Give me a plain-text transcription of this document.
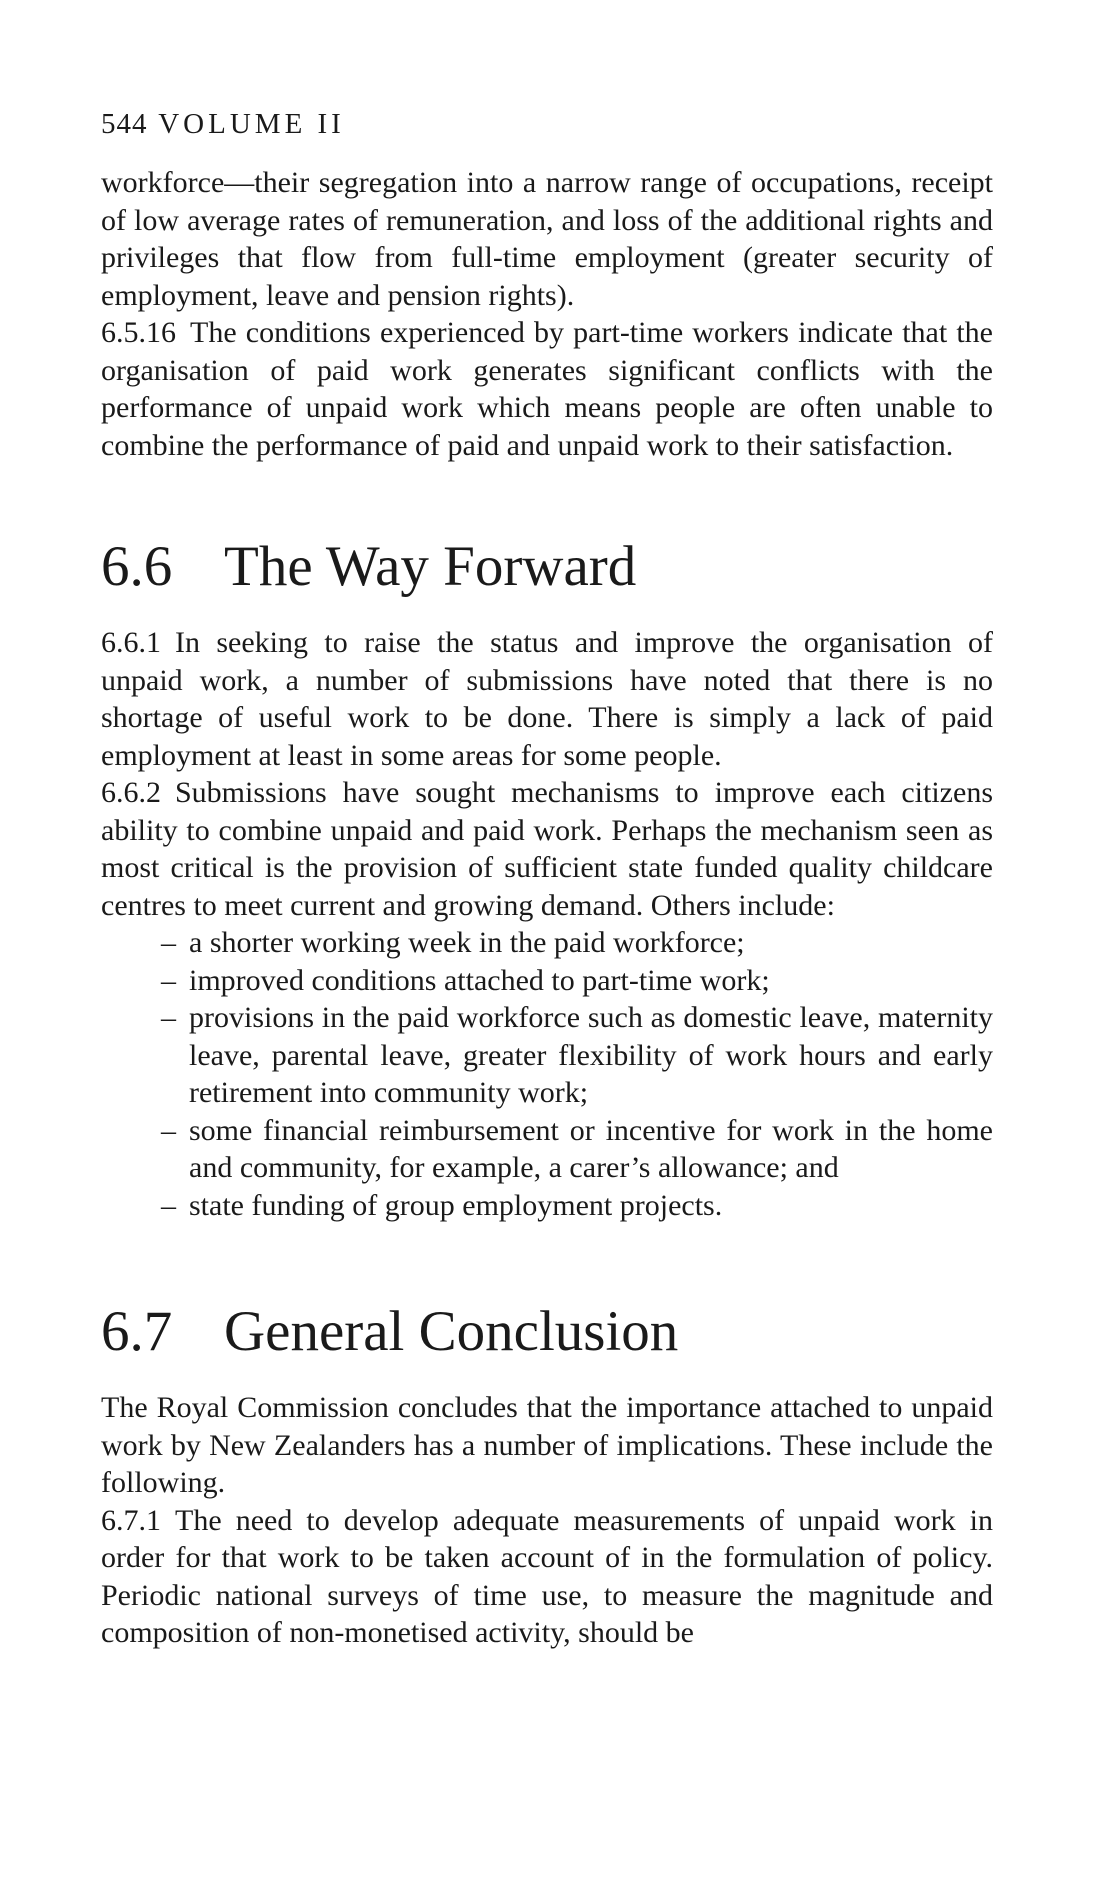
544 VOLUME II

workforce—their segregation into a narrow range of occupations, receipt of low average rates of remuneration, and loss of the additional rights and privileges that flow from full-time employment (greater security of employment, leave and pension rights).

6.5.16 The conditions experienced by part-time workers indicate that the organisation of paid work generates significant conflicts with the performance of unpaid work which means people are often unable to combine the performance of paid and unpaid work to their satisfaction.

6.6 The Way Forward

6.6.1 In seeking to raise the status and improve the organisation of unpaid work, a number of submissions have noted that there is no shortage of useful work to be done. There is simply a lack of paid employment at least in some areas for some people.

6.6.2 Submissions have sought mechanisms to improve each citizens ability to combine unpaid and paid work. Perhaps the mechanism seen as most critical is the provision of sufficient state funded quality childcare centres to meet current and growing demand. Others include:

– a shorter working week in the paid workforce;
– improved conditions attached to part-time work;
– provisions in the paid workforce such as domestic leave, maternity leave, parental leave, greater flexibility of work hours and early retirement into community work;
– some financial reimbursement or incentive for work in the home and community, for example, a carer’s allowance; and
– state funding of group employment projects.
6.7 General Conclusion

The Royal Commission concludes that the importance attached to unpaid work by New Zealanders has a number of implications. These include the following.

6.7.1 The need to develop adequate measurements of unpaid work in order for that work to be taken account of in the formulation of policy. Periodic national surveys of time use, to measure the magnitude and composition of non-monetised activity, should be
